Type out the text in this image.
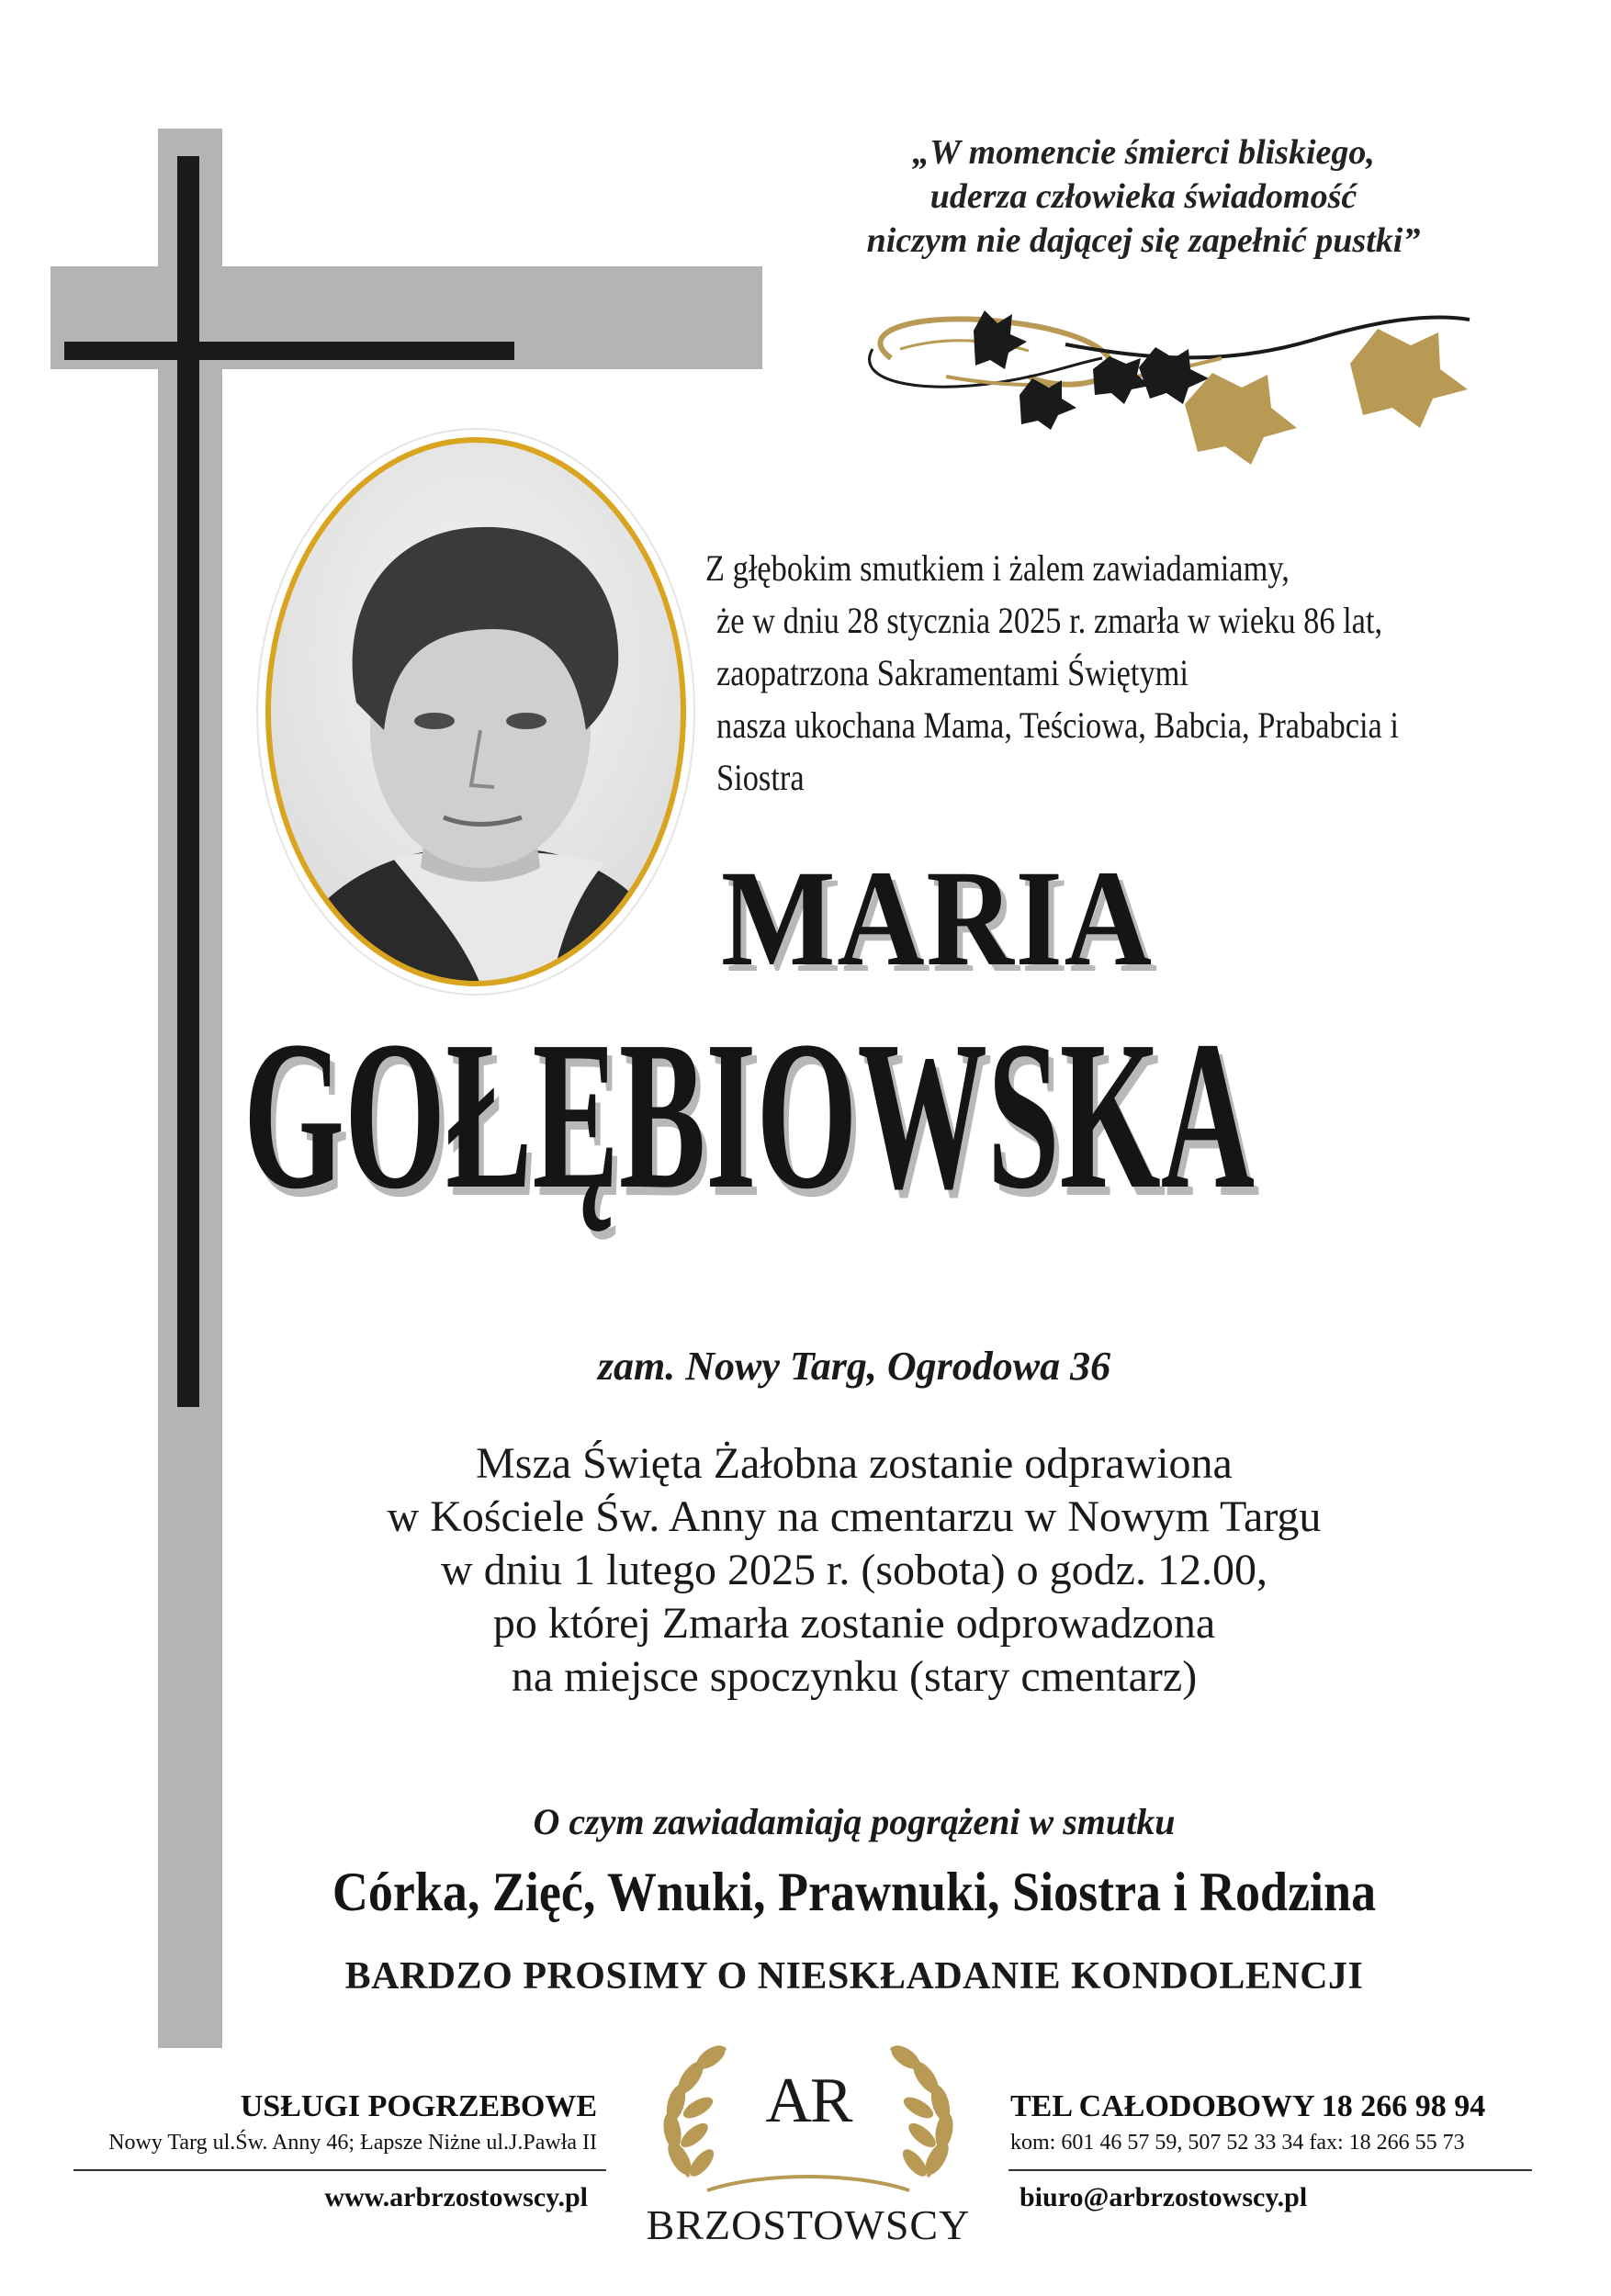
„W momencie śmierci bliskiego,
uderza człowieka świadomość
niczym nie dającej się zapełnić pustki”
Z głębokim smutkiem i żalem zawiadamiamy,
że w dniu 28 stycznia 2025 r. zmarła w wieku 86 lat,
zaopatrzona Sakramentami Świętymi
nasza ukochana Mama, Teściowa, Babcia, Prababcia i Siostra
MARIA
GOŁĘBIOWSKA
zam. Nowy Targ, Ogrodowa 36
Msza Święta Żałobna zostanie odprawiona
w Kościele Św. Anny na cmentarzu w Nowym Targu
w dniu 1 lutego 2025 r. (sobota) o godz. 12.00,
po której Zmarła zostanie odprowadzona
na miejsce spoczynku (stary cmentarz)
O czym zawiadamiają pogrążeni w smutku
Córka, Zięć, Wnuki, Prawnuki, Siostra i Rodzina
BARDZO PROSIMY O NIESKŁADANIE KONDOLENCJI
USŁUGI POGRZEBOWE
Nowy Targ ul.Św. Anny 46; Łapsze Niżne ul.J.Pawła II
www.arbrzostowscy.pl
AR
BRZOSTOWSCY
TEL CAŁODOBOWY 18 266 98 94
kom: 601 46 57 59, 507 52 33 34 fax: 18 266 55 73
biuro@arbrzostowscy.pl
